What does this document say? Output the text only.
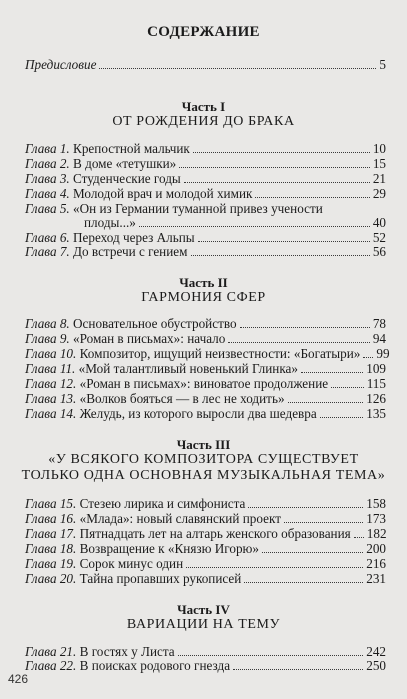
СОДЕРЖАНИЕ
Предисловие	5
Часть I
ОТ РОЖДЕНИЯ ДО БРАКА
Глава 1. Крепостной мальчик	10
Глава 2. В доме «тетушки»	15
Глава 3. Студенческие годы	21
Глава 4. Молодой врач и молодой химик	29
Глава 5. «Он из Германии туманной привез учености
плоды...»	40
Глава 6. Переход через Альпы	52
Глава 7. До встречи с гением	56
Часть II
ГАРМОНИЯ СФЕР
Глава 8. Основательное обустройство	78
Глава 9. «Роман в письмах»: начало	94
Глава 10. Композитор, ищущий неизвестности: «Богатыри» 99
Глава 11. «Мой талантливый новенький Глинка»	109
Глава 12. «Роман в письмах»: виноватое продолжение	115
Глава 13. «Волков бояться — в лес не ходить»	126
Глава 14. Желудь, из которого выросли два шедевра	135
Часть III
«У ВСЯКОГО КОМПОЗИТОРА СУЩЕСТВУЕТ
ТОЛЬКО ОДНА ОСНОВНАЯ МУЗЫКАЛЬНАЯ ТЕМА»
Глава 15. Стезею лирика и симфониста	158
Глава 16. «Млада»: новый славянский проект	173
Глава 17. Пятнадцать лет на алтарь женского образования 182
Глава 18. Возвращение к «Князю Игорю»	200
Глава 19. Сорок минус один	216
Глава 20. Тайна пропавших рукописей	231
Часть IV
ВАРИАЦИИ НА ТЕМУ
Глава 21. В гостях у Листа	242
Глава 22. В поисках родового гнезда	250
426
